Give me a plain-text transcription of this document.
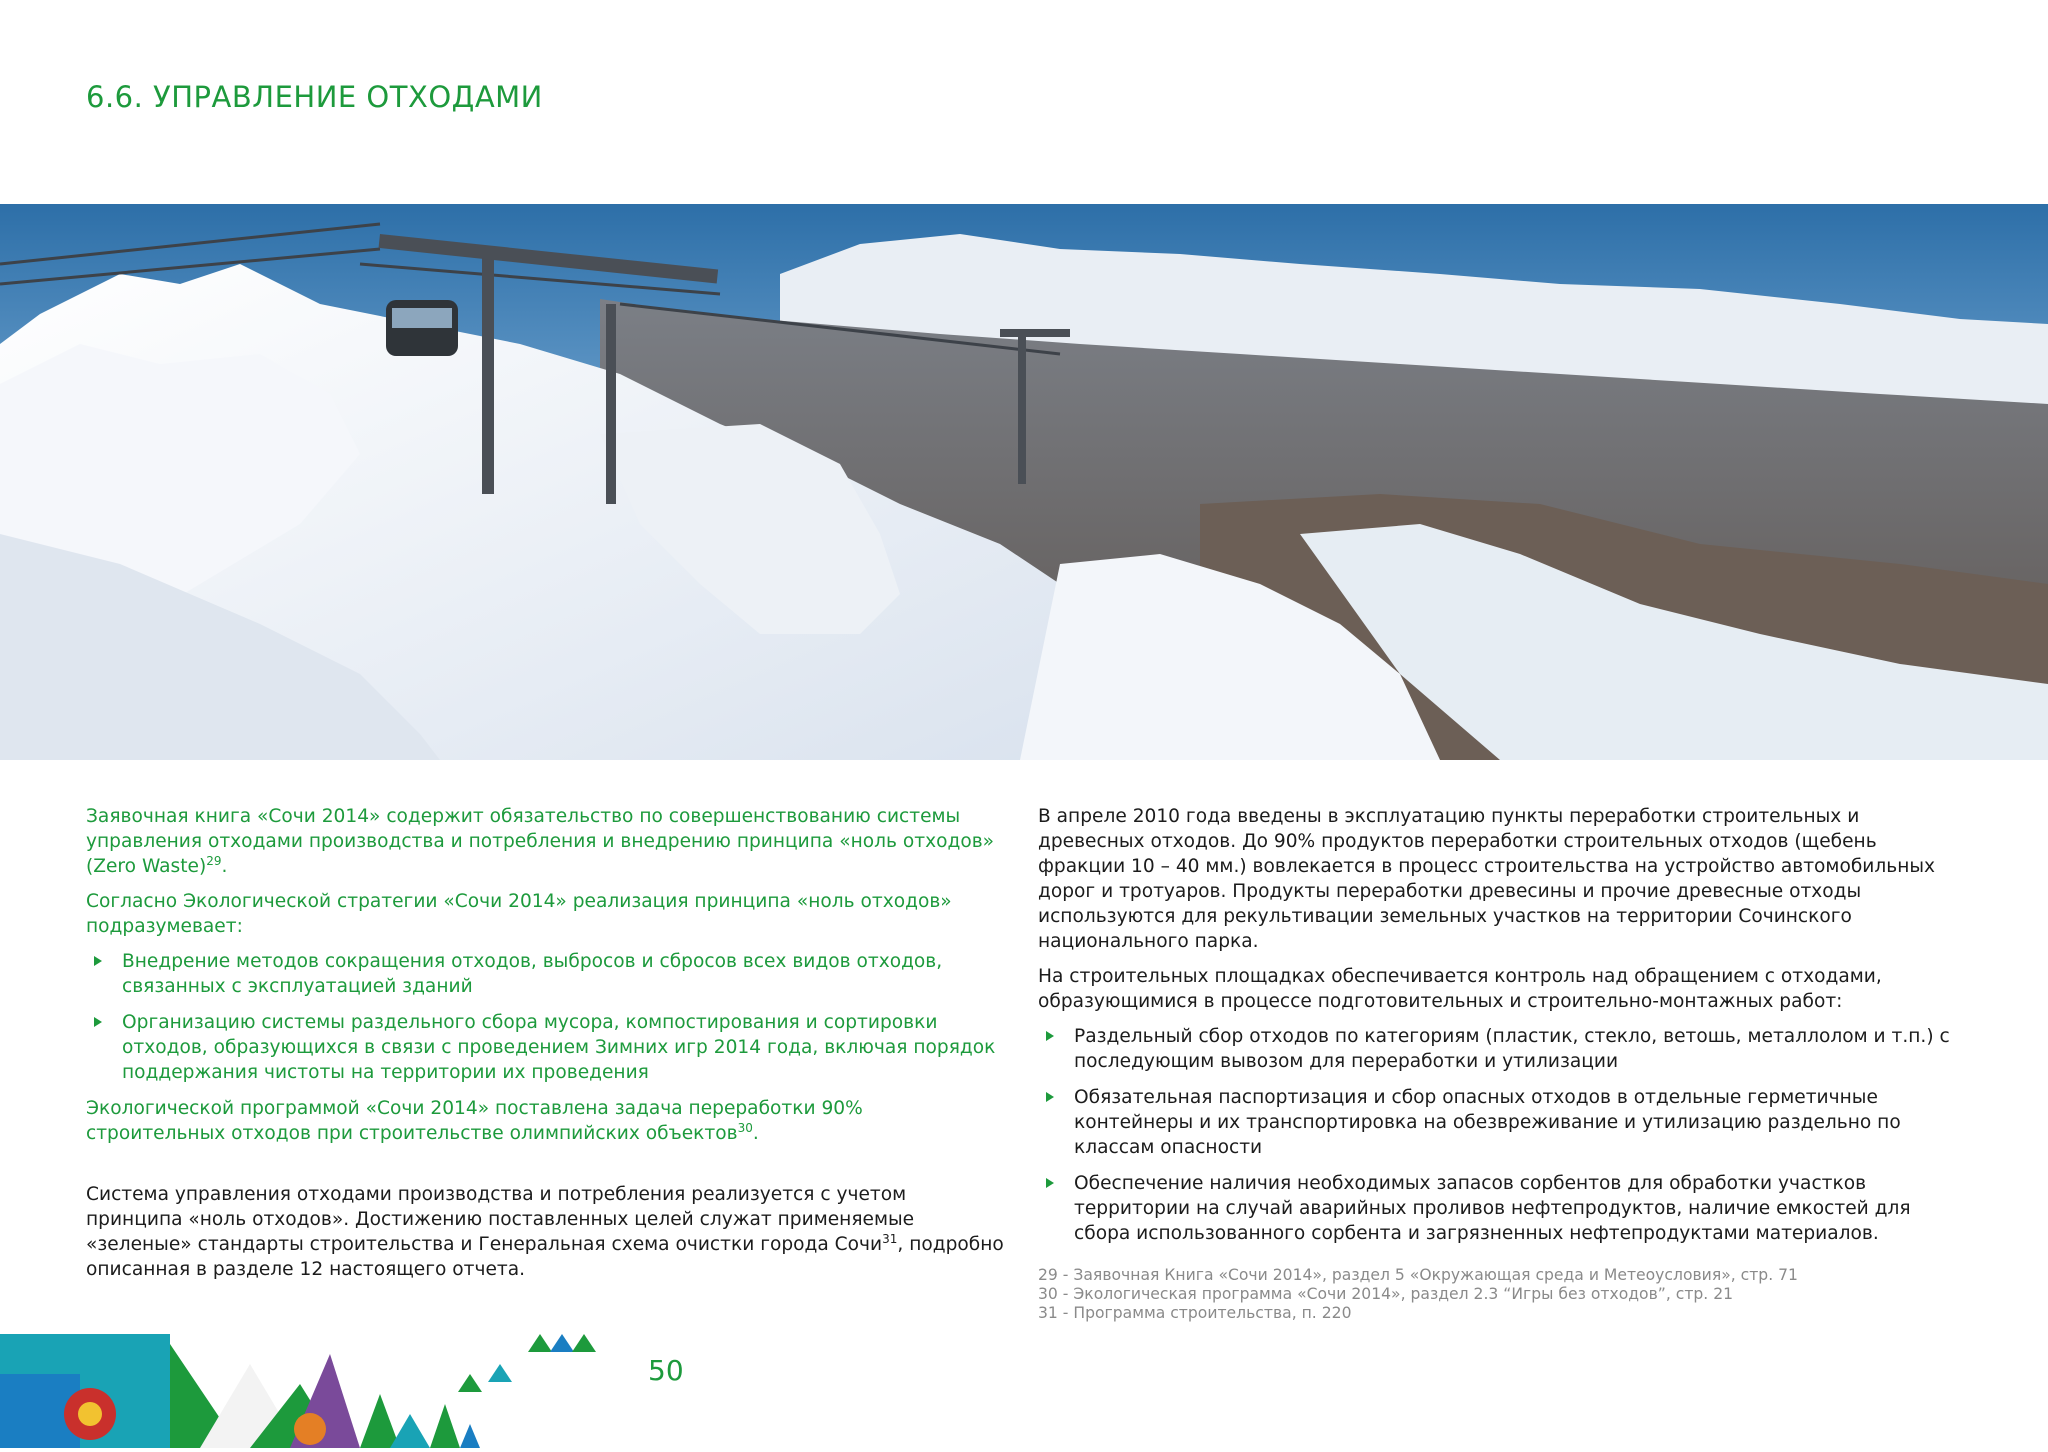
6.6. УПРАВЛЕНИЕ ОТХОДАМИ

Заявочная книга «Сочи 2014» содержит обязательство по совершенствованию системы управления отходами производства и потребления и внедрению принципа «ноль отходов» (Zero Waste)$^{29}$.

Согласно Экологической стратегии «Сочи 2014» реализация принципа «ноль отходов» подразумевает:

Внедрение методов сокращения отходов, выбросов и сбросов всех видов отходов, связанных с эксплуатацией зданий
Организацию системы раздельного сбора мусора, компостирования и сортировки отходов, образующихся в связи с проведением Зимних игр 2014 года, включая порядок поддержания чистоты на территории их проведения

Экологической программой «Сочи 2014» поставлена задача переработки 90% строительных отходов при строительстве олимпийских объектов$^{30}$.

Система управления отходами производства и потребления реализуется с учетом принципа «ноль отходов». Достижению поставленных целей служат применяемые «зеленые» стандарты строительства и Генеральная схема очистки города Сочи$^{31}$, подробно описанная в разделе 12 настоящего отчета.

В апреле 2010 года введены в эксплуатацию пункты переработки строительных и древесных отходов. До 90% продуктов переработки строительных отходов (щебень фракции 10 – 40 мм.) вовлекается в процесс строительства на устройство автомобильных дорог и тротуаров. Продукты переработки древесины и прочие древесные отходы используются для рекультивации земельных участков на территории Сочинского национального парка.

На строительных площадках обеспечивается контроль над обращением с отходами, образующимися в процессе подготовительных и строительно-монтажных работ:

Раздельный сбор отходов по категориям (пластик, стекло, ветошь, металлолом и т.п.) с последующим вывозом для переработки и утилизации
Обязательная паспортизация и сбор опасных отходов в отдельные герметичные контейнеры и их транспортировка на обезвреживание и утилизацию раздельно по классам опасности
Обеспечение наличия необходимых запасов сорбентов для обработки участков территории на случай аварийных проливов нефтепродуктов, наличие емкостей для сбора использованного сорбента и загрязненных нефтепродуктами материалов.
29 - Заявочная Книга «Сочи 2014», раздел 5 «Окружающая среда и Метеоусловия», стр. 71
30 - Экологическая программа «Сочи 2014», раздел 2.3 “Игры без отходов”, стр. 21
31 - Программа строительства, п. 220
50
